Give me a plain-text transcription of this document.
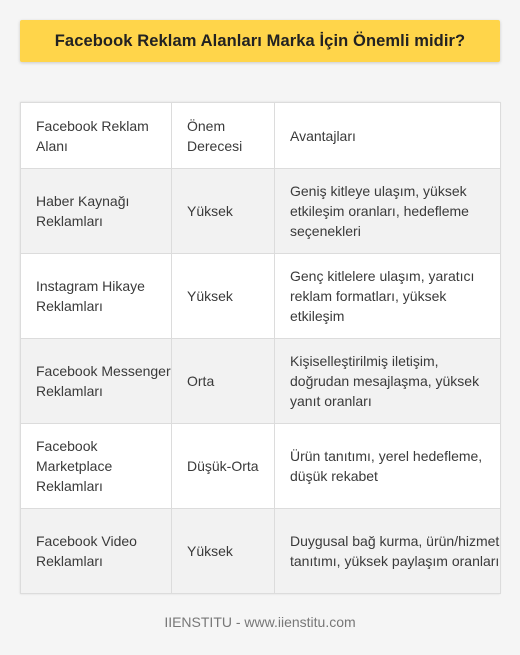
Facebook Reklam Alanları Marka İçin Önemli midir?
Facebook Reklam Alanı	Önem Derecesi	Avantajları
Haber Kaynağı Reklamları	Yüksek	Geniş kitleye ulaşım, yüksek etkileşim oranları, hedefleme seçenekleri
Instagram Hikaye Reklamları	Yüksek	Genç kitlelere ulaşım, yaratıcı reklam formatları, yüksek etkileşim
Facebook Messenger Reklamları	Orta	Kişiselleştirilmiş iletişim, doğrudan mesajlaşma, yüksek yanıt oranları
Facebook Marketplace Reklamları	Düşük-Orta	Ürün tanıtımı, yerel hedefleme, düşük rekabet
Facebook Video Reklamları	Yüksek	Duygusal bağ kurma, ürün/hizmet tanıtımı, yüksek paylaşım oranları
IIENSTITU - www.iienstitu.com
